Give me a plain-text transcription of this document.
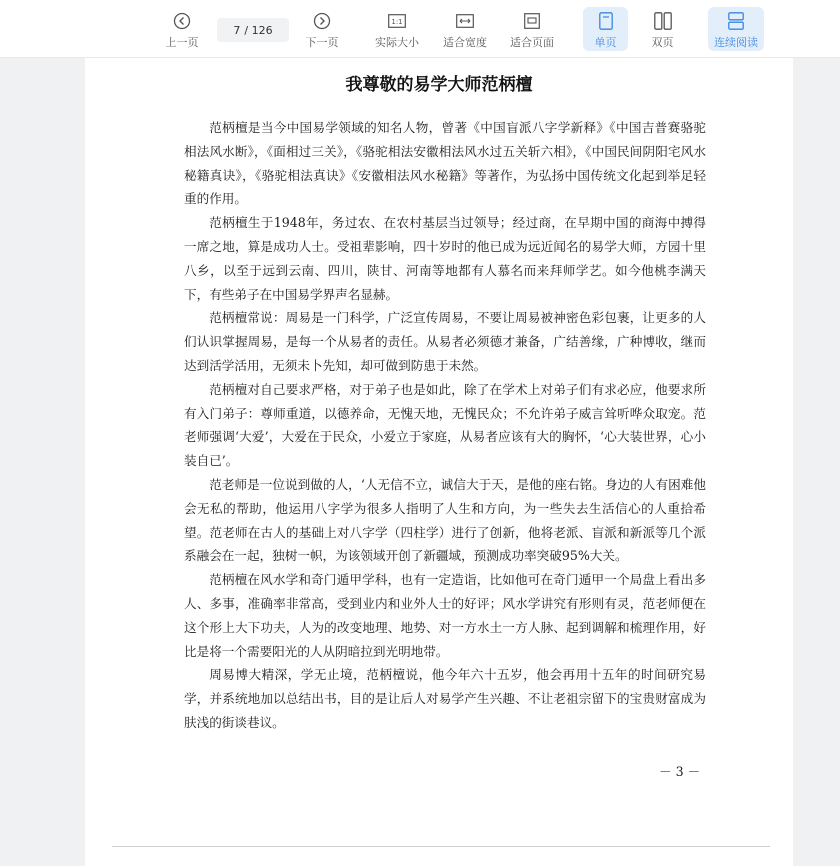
上一页
7 / 126
下一页
1:1
实际大小 适合宽度 适合页面	单页	双页	连续阅读
我尊敬的易学大师范柄檀

范柄檀是当今中国易学领域的知名人物，曾著《中国盲派八字学新释》《中国吉普赛骆驼相法风水断》，《面相过三关》，《骆驼相法安徽相法风水过五关斩六相》，《中国民间阴阳宅风水秘籍真诀》，《骆驼相法真诀》《安徽相法风水秘籍》等著作，为弘扬中国传统文化起到举足轻重的作用。

范柄檀生于1948年，务过农、在农村基层当过领导；经过商，在早期中国的商海中搏得一席之地，算是成功人士。受祖辈影响，四十岁时的他已成为远近闻名的易学大师，方园十里八乡，以至于远到云南、四川，陕甘、河南等地都有人慕名而来拜师学艺。如今他桃李满天下，有些弟子在中国易学界声名显赫。

范柄檀常说：周易是一门科学，广泛宣传周易，不要让周易被神密色彩包裹，让更多的人们认识掌握周易，是每一个从易者的责任。从易者必须德才兼备，广结善缘，广种博收，继而达到活学活用，无须未卜先知，却可做到防患于未然。

范柄檀对自己要求严格，对于弟子也是如此，除了在学术上对弟子们有求必应，他要求所有入门弟子：尊师重道，以德养命，无愧天地，无愧民众；不允许弟子威言耸听哗众取宠。范老师强调‘大爱’，大爱在于民众，小爱立于家庭，从易者应该有大的胸怀，‘心大装世界，心小装自已’。

范老师是一位说到做的人，‘人无信不立，诚信大于天，是他的座右铭。身边的人有困难他会无私的帮助，他运用八字学为很多人指明了人生和方向，为一些失去生活信心的人重拾希望。范老师在古人的基础上对八字学（四柱学）进行了创新，他将老派、盲派和新派等几个派系融会在一起，独树一帜，为该领域开创了新疆域，预测成功率突破95%大关。

范柄檀在风水学和奇门遁甲学科，也有一定造诣，比如他可在奇门遁甲一个局盘上看出多人、多事，准确率非常高，受到业内和业外人士的好评；风水学讲究有形则有灵，范老师便在这个形上大下功夫，人为的改变地理、地势、对一方水土一方人脉、起到调解和梳理作用，好比是将一个需要阳光的人从阴暗拉到光明地带。

周易博大精深，学无止境，范柄檀说，他今年六十五岁，他会再用十五年的时间研究易学，并系统地加以总结出书，目的是让后人对易学产生兴趣、不让老祖宗留下的宝贵财富成为肤浅的街谈巷议。

－ 3 －
